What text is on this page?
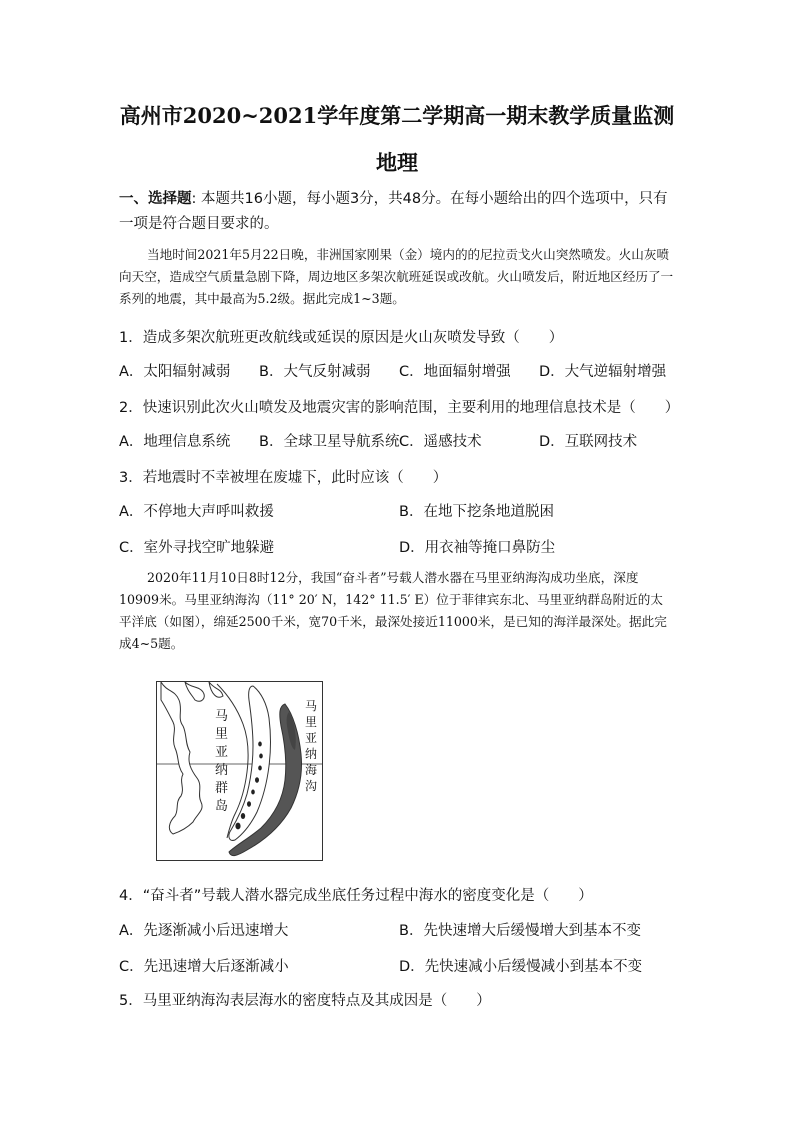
高州市2020~2021学年度第二学期高一期末教学质量监测
地理
一、选择题: 本题共16小题，每小题3分，共48分。在每小题给出的四个选项中，只有一项是符合题目要求的。
当地时间2021年5月22日晚，非洲国家刚果（金）境内的的尼拉贡戈火山突然喷发。火山灰喷向天空，造成空气质量急剧下降，周边地区多架次航班延误或改航。火山喷发后，附近地区经历了一系列的地震，其中最高为5.2级。据此完成1~3题。
1．造成多架次航班更改航线或延误的原因是火山灰喷发导致（　　）
A．太阳辐射减弱 B．大气反射减弱 C．地面辐射增强 D．大气逆辐射增强
2．快速识别此次火山喷发及地震灾害的影响范围，主要利用的地理信息技术是（　　）
A．地理信息系统 B．全球卫星导航系统 C．遥感技术	D．互联网技术
3．若地震时不幸被埋在废墟下，此时应该（　　）
A．不停地大声呼叫救援	B．在地下挖条地道脱困
C．室外寻找空旷地躲避	D．用衣袖等掩口鼻防尘
2020年11月10日8时12分，我国“奋斗者”号载人潜水器在马里亚纳海沟成功坐底，深度10909米。马里亚纳海沟（11° 20′ N，142° 11.5′ E）位于菲律宾东北、马里亚纳群岛附近的太平洋底（如图），绵延2500千米，宽70千米，最深处接近11000米，是已知的海洋最深处。据此完成4~5题。
马
里
亚
纳
群
岛
马
里
亚
纳
海
沟
4．“奋斗者”号载人潜水器完成坐底任务过程中海水的密度变化是（　　）
A．先逐渐减小后迅速增大	B．先快速增大后缓慢增大到基本不变
C．先迅速增大后逐渐减小	D．先快速减小后缓慢减小到基本不变
5．马里亚纳海沟表层海水的密度特点及其成因是（　　）
